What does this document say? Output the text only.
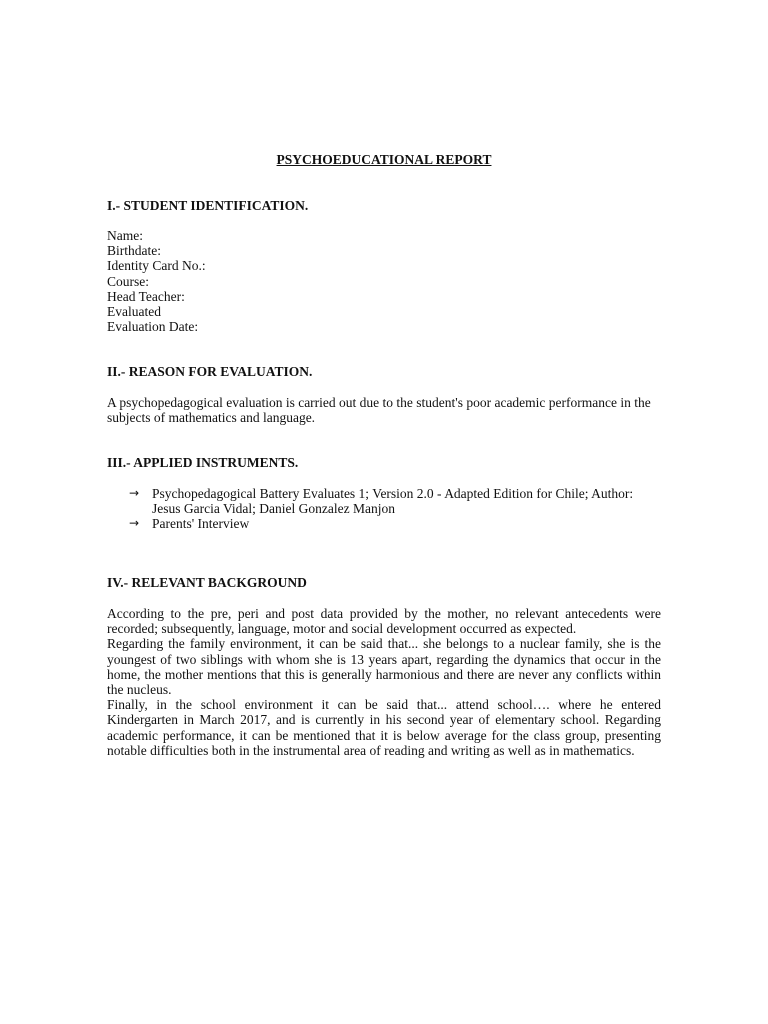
PSYCHOEDUCATIONAL REPORT
I.- STUDENT IDENTIFICATION.
Name:
Birthdate:
Identity Card No.:
Course:
Head Teacher:
Evaluated
Evaluation Date:
II.- REASON FOR EVALUATION.

A psychopedagogical evaluation is carried out due to the student's poor academic performance in the subjects of mathematics and language.

III.- APPLIED INSTRUMENTS.
→ Psychopedagogical Battery Evaluates 1; Version 2.0 - Adapted Edition for Chile; Author: Jesus Garcia Vidal; Daniel Gonzalez Manjon
→ Parents' Interview
IV.- RELEVANT BACKGROUND

According to the pre, peri and post data provided by the mother, no relevant antecedents were recorded; subsequently, language, motor and social development occurred as expected.

Regarding the family environment, it can be said that... she belongs to a nuclear family, she is the youngest of two siblings with whom she is 13 years apart, regarding the dynamics that occur in the home, the mother mentions that this is generally harmonious and there are never any conflicts within the nucleus.

Finally, in the school environment it can be said that... attend school…. where he entered Kindergarten in March 2017, and is currently in his second year of elementary school. Regarding academic performance, it can be mentioned that it is below average for the class group, presenting notable difficulties both in the instrumental area of reading and writing as well as in mathematics.
